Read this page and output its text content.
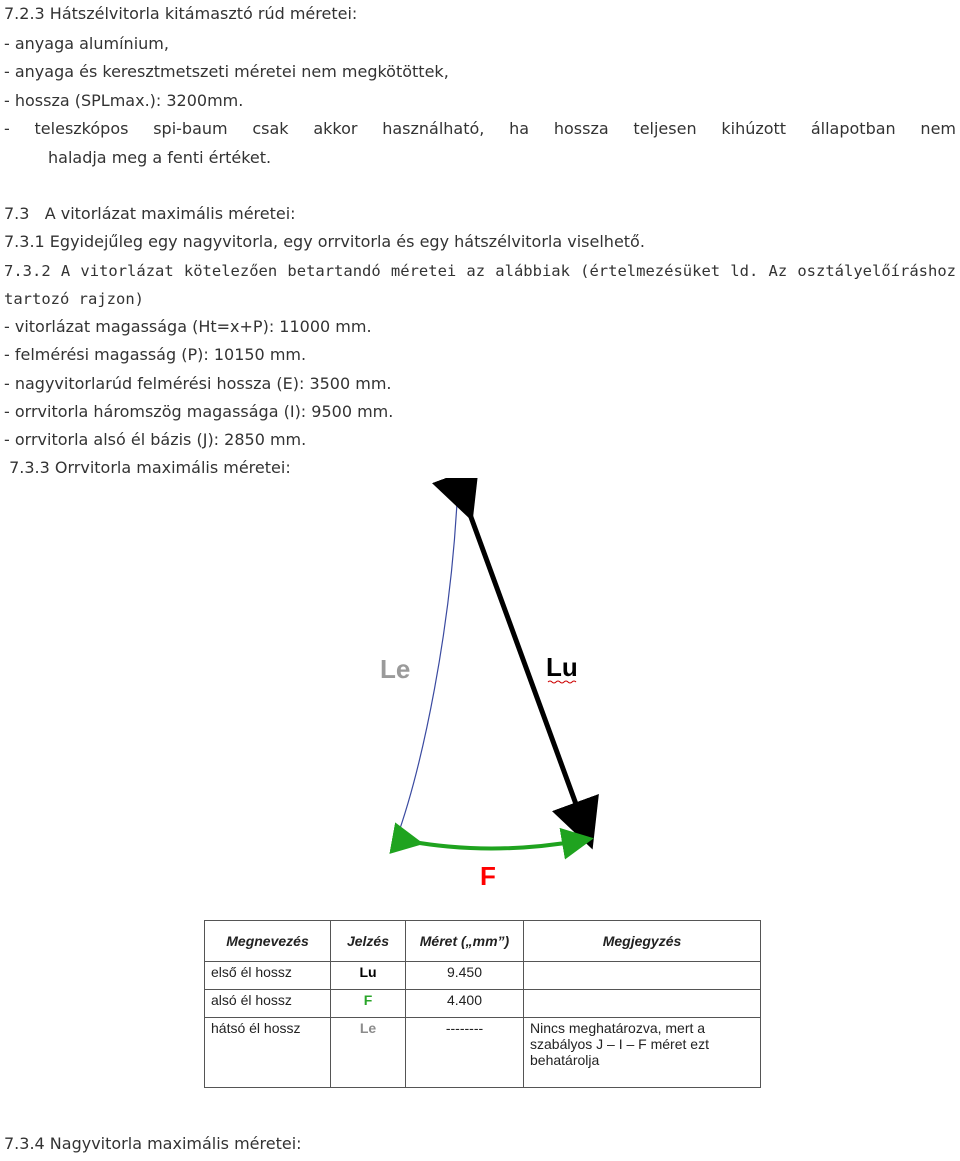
7.2.3 Hátszélvitorla kitámasztó rúd méretei:
- anyaga alumínium,
- anyaga és keresztmetszeti méretei nem megkötöttek,
- hossza (SPLmax.): 3200mm.
- teleszkópos spi-baum csak akkor használható, ha hossza teljesen kihúzott állapotban nem
haladja meg a fenti értéket.
7.3   A vitorlázat maximális méretei:
7.3.1 Egyidejűleg egy nagyvitorla, egy orrvitorla és egy hátszélvitorla viselhető.
7.3.2 A vitorlázat kötelezően betartandó méretei az alábbiak (értelmezésüket ld. Az osztályelőíráshoz
tartozó rajzon)
- vitorlázat magassága (Ht=x+P): 11000 mm.
- felmérési magasság (P): 10150 mm.
- nagyvitorlarúd felmérési hossza (E): 3500 mm.
- orrvitorla háromszög magassága (I): 9500 mm.
- orrvitorla alsó él bázis (J): 2850 mm.
7.3.3 Orrvitorla maximális méretei:
Le	Lu
F
Megnevezés	Jelzés	Méret („mm”)	Megjegyzés
első él hossz	Lu	9.450	
alsó él hossz	F	4.400	
hátsó él hossz	Le	--------	Nincs meghatározva, mert a szabályos J – I – F méret ezt behatárolja
7.3.4 Nagyvitorla maximális méretei:
